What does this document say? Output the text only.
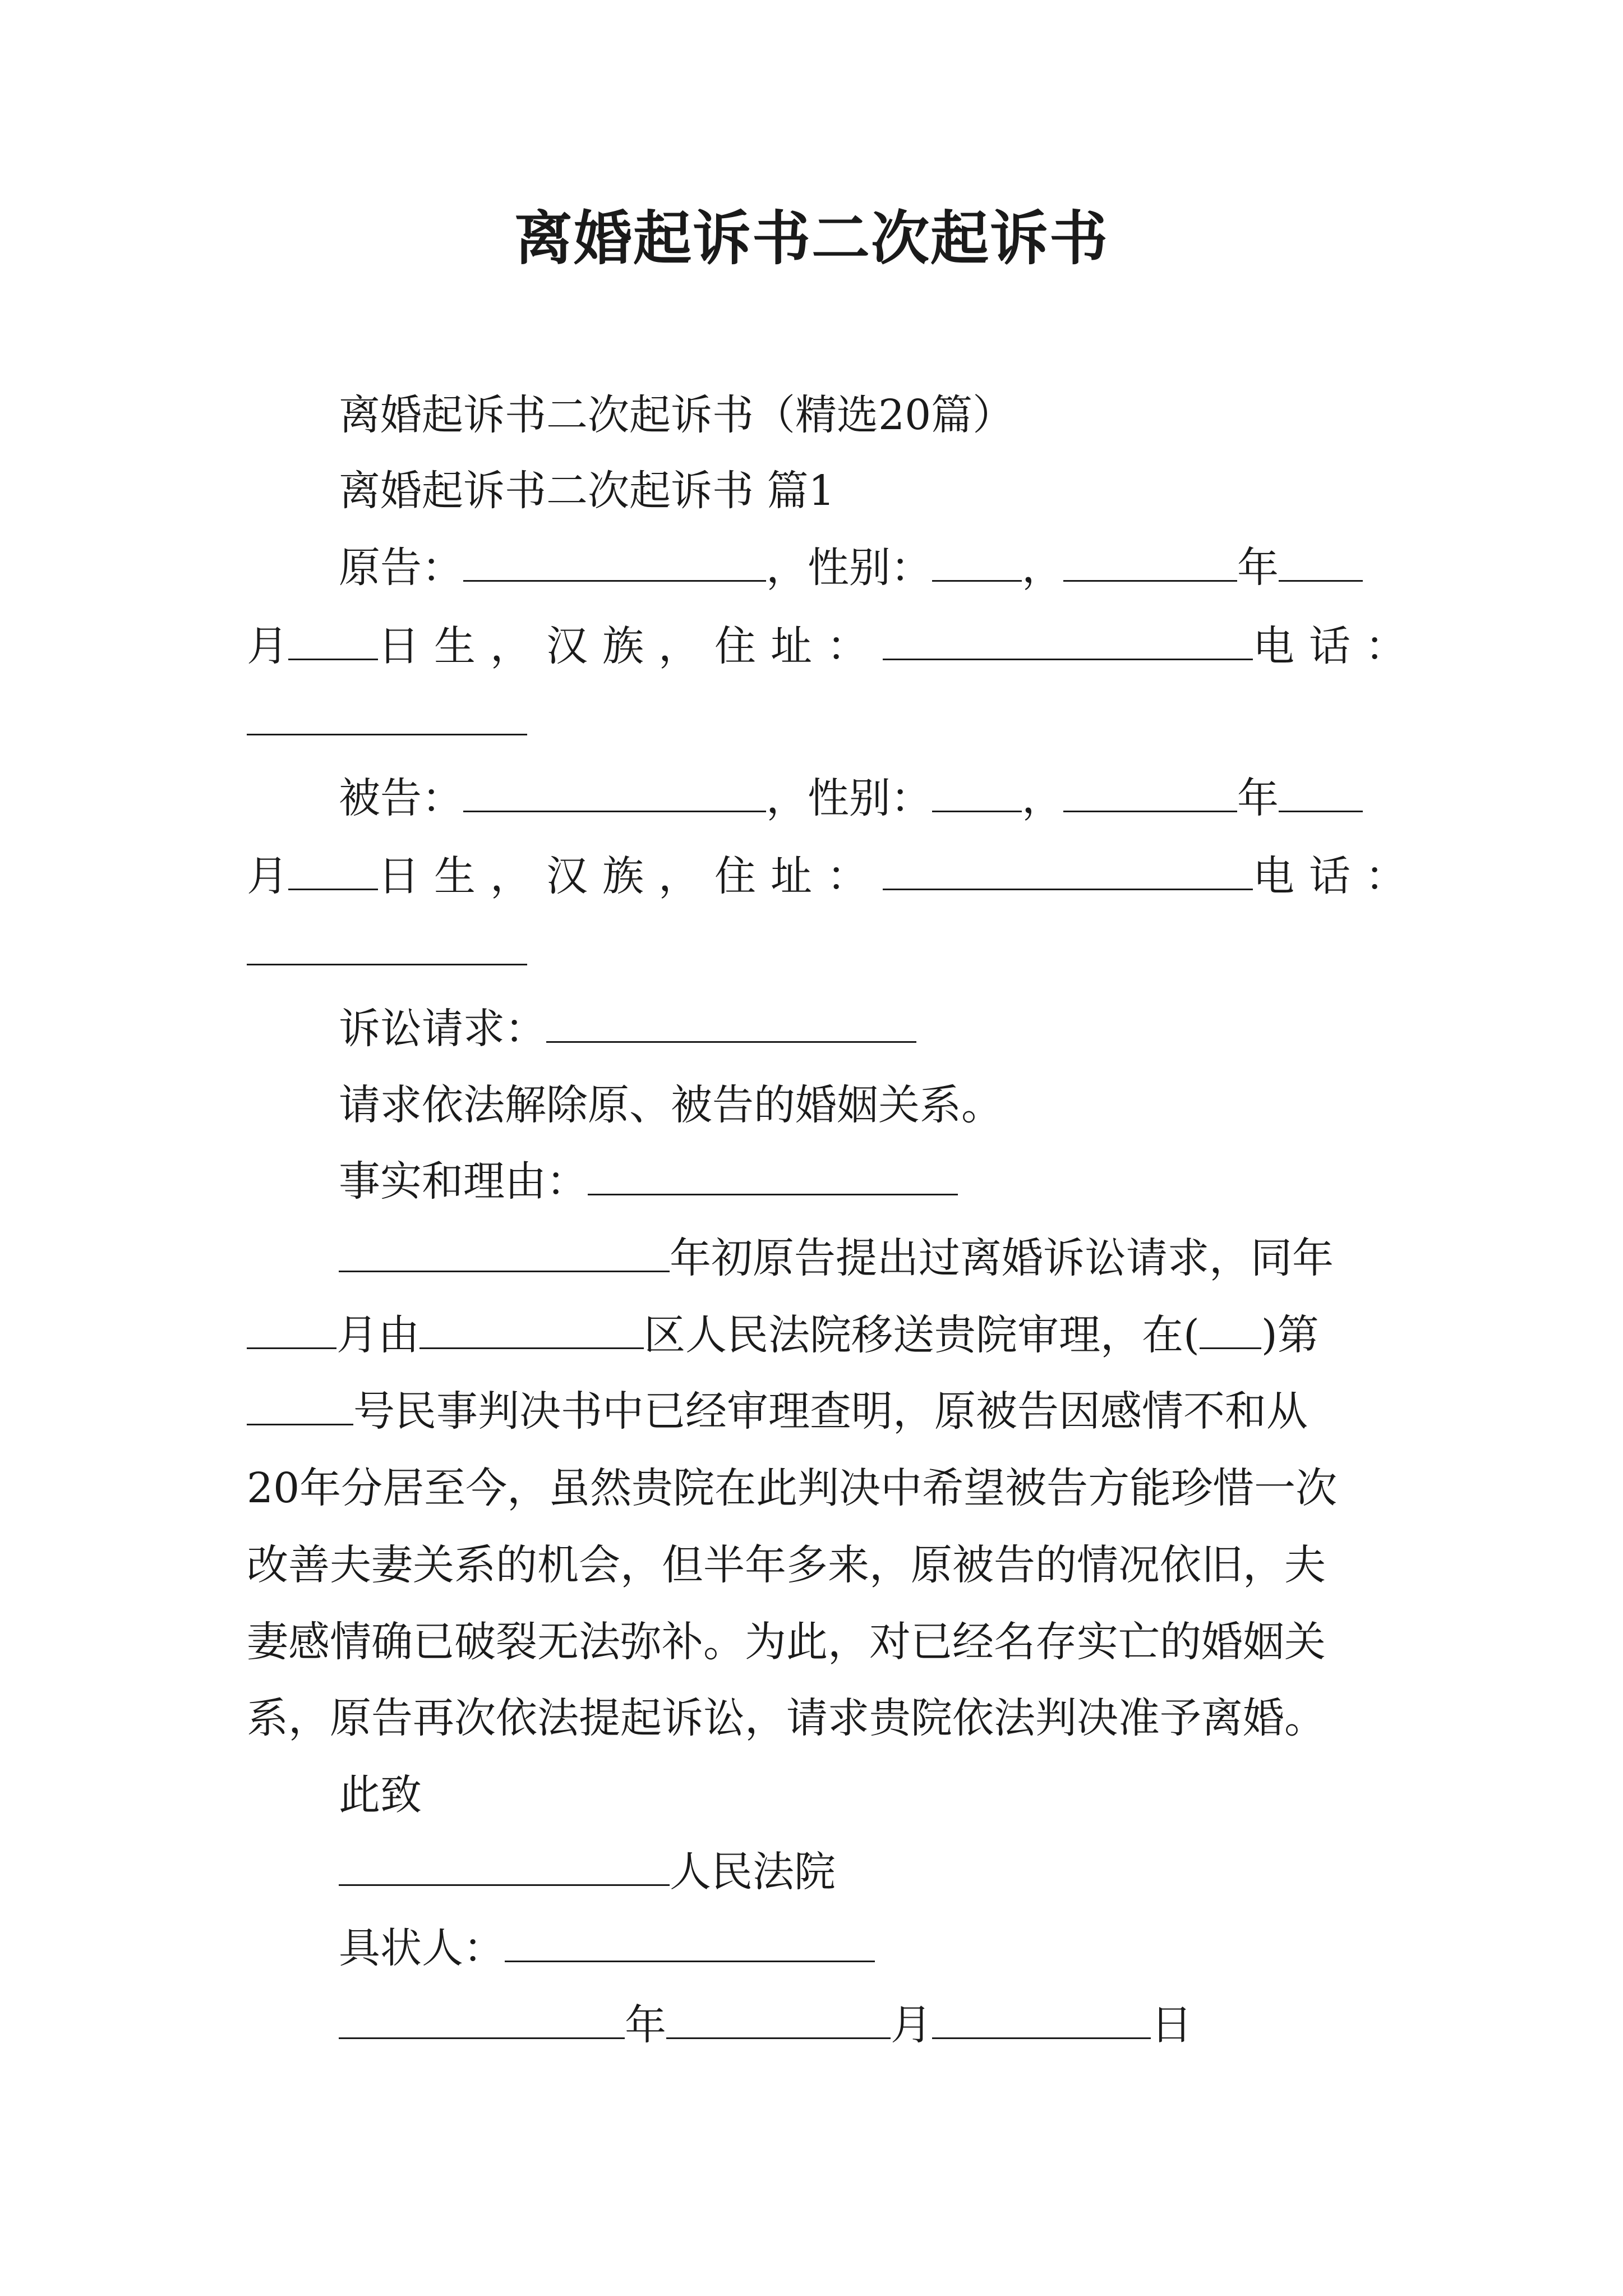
离婚起诉书二次起诉书
离婚起诉书二次起诉书（精选20篇）
离婚起诉书二次起诉书 篇1
原告：	，性别： ，	年
月 日生，汉族，住址：	电话：
被告：	，性别： ，	年
月 日生，汉族，住址：	电话：
诉讼请求：
请求依法解除原、被告的婚姻关系。
事实和理由：
年初原告提出过离婚诉讼请求，同年
月由	区人民法院移送贵院审理，在( )第
号民事判决书中已经审理查明，原被告因感情不和从
20年分居至今，虽然贵院在此判决中希望被告方能珍惜一次
改善夫妻关系的机会，但半年多来，原被告的情况依旧，夫
妻感情确已破裂无法弥补。为此，对已经名存实亡的婚姻关
系，原告再次依法提起诉讼，请求贵院依法判决准予离婚。
此致
人民法院
具状人：
年	月	日
